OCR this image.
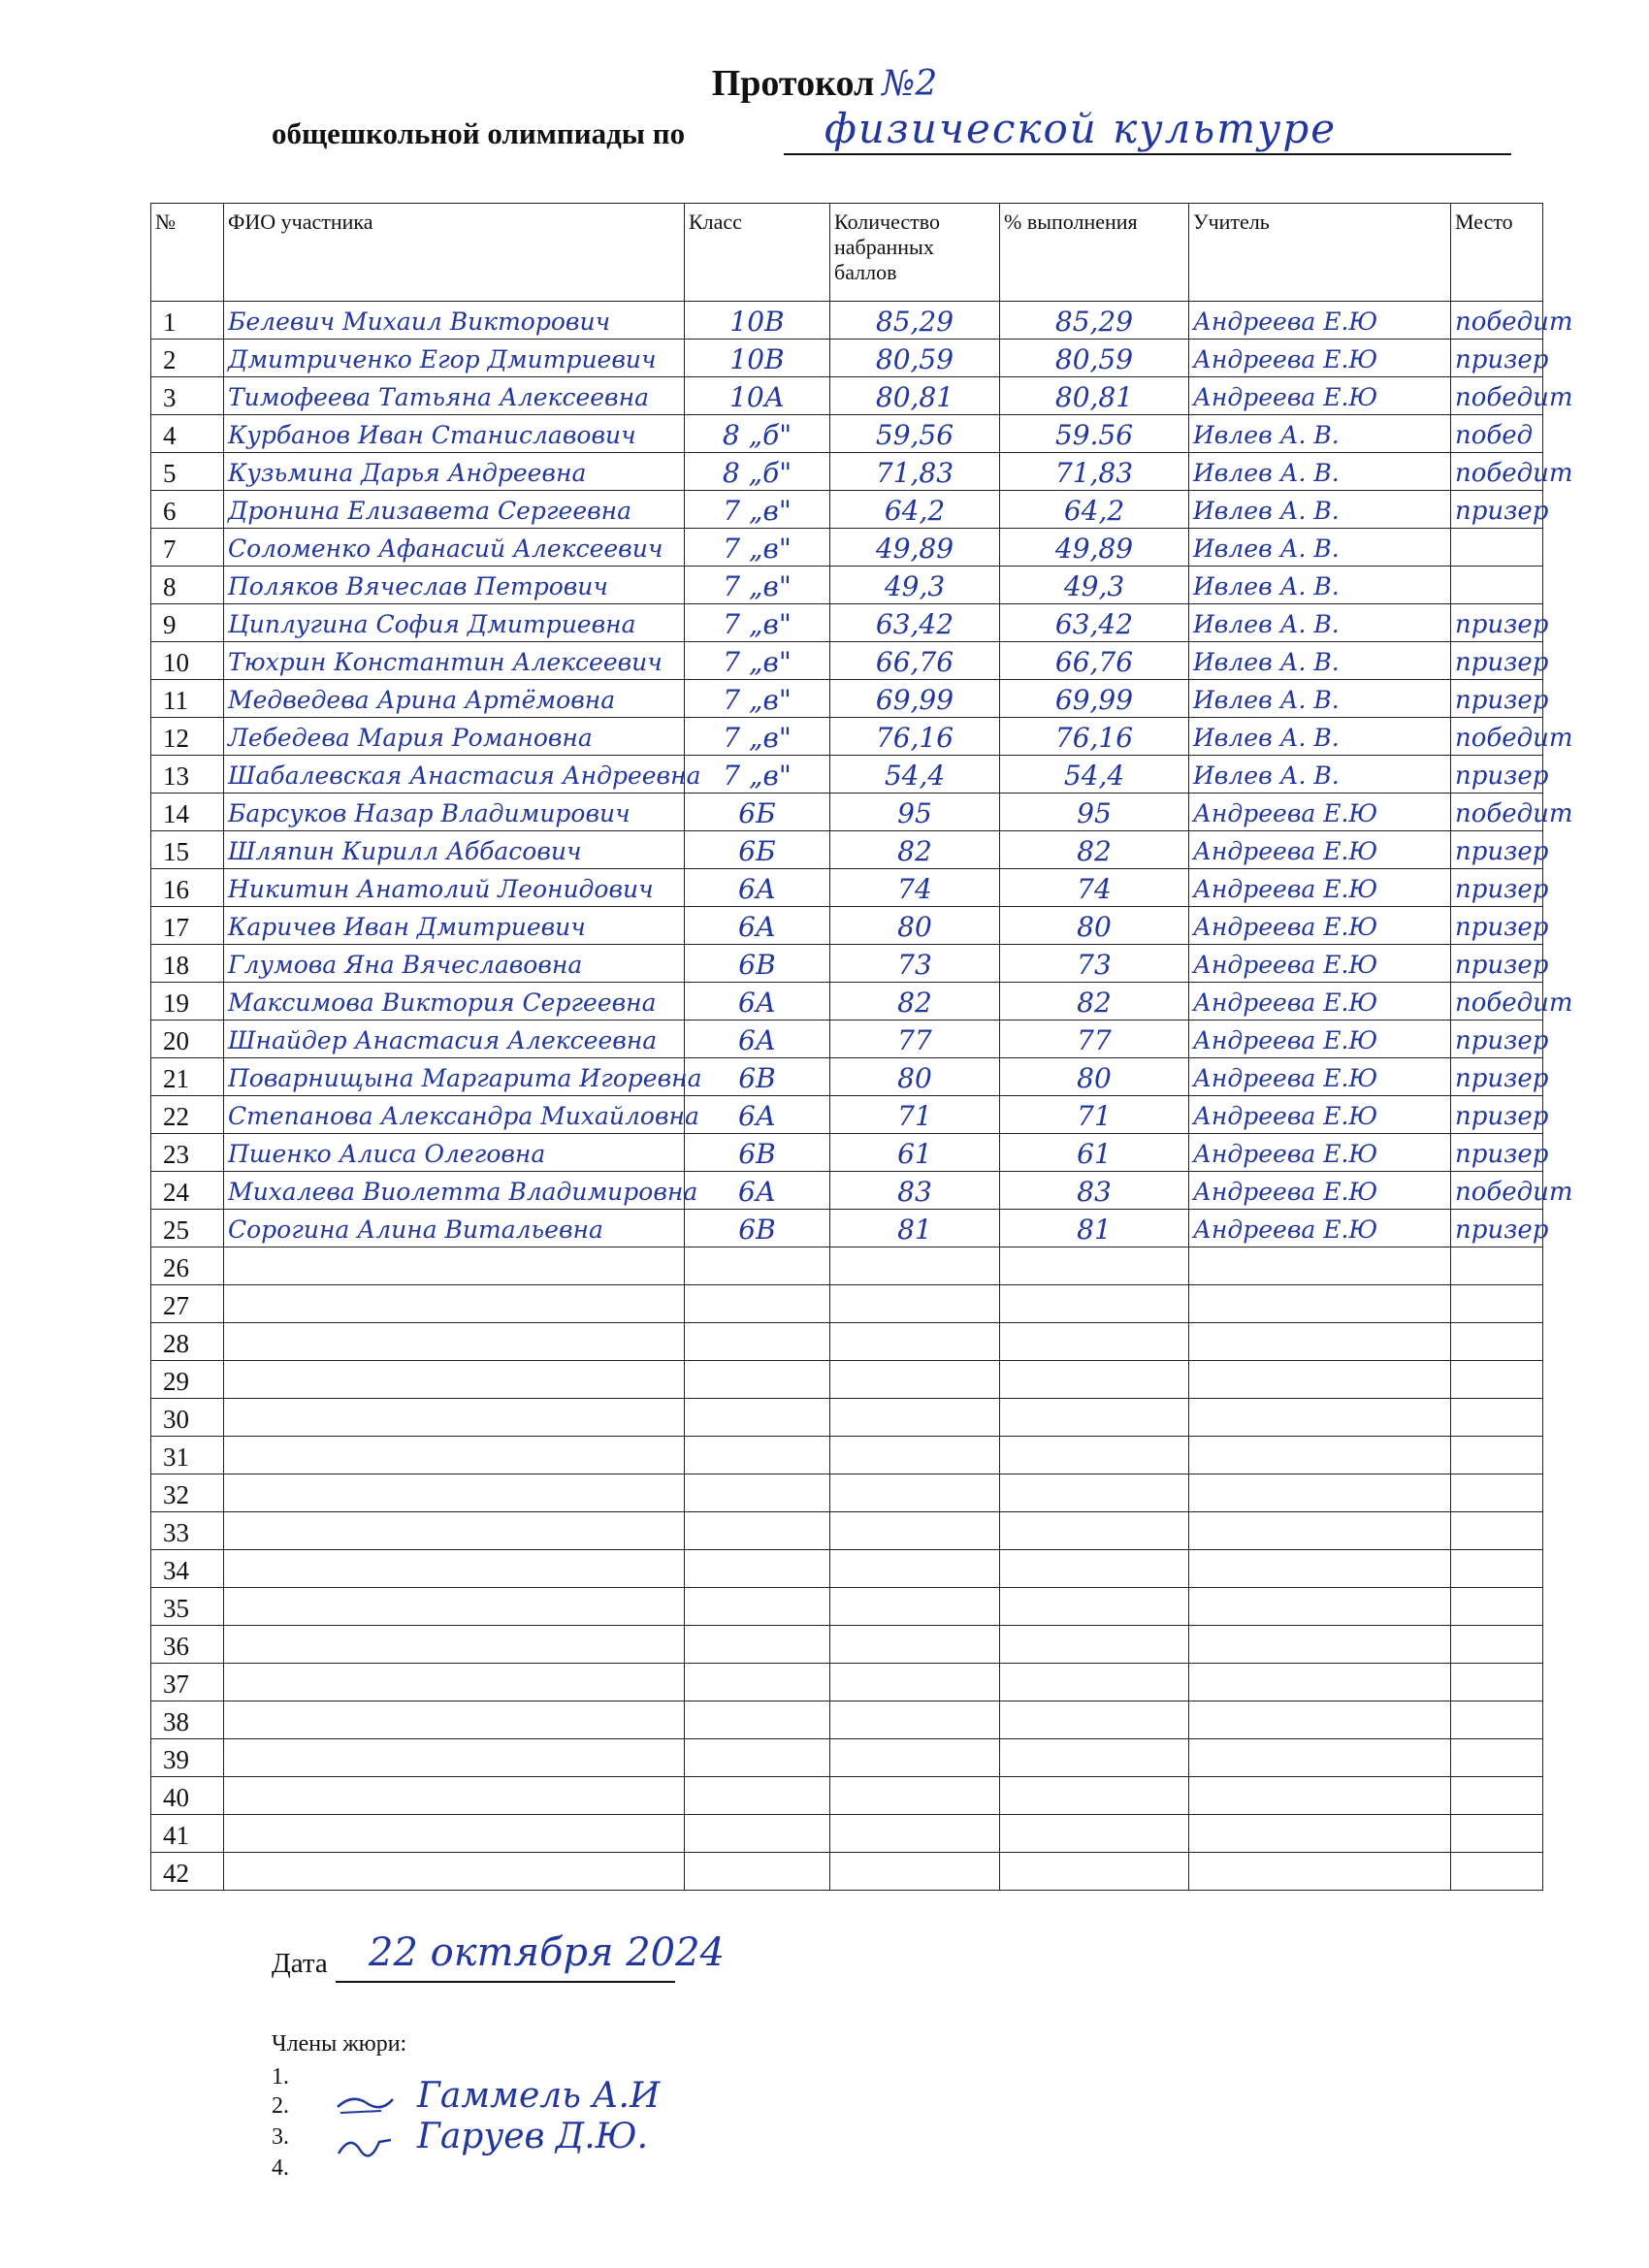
Протокол №2
общешкольной олимпиады по	физической культуре
№	ФИО участника	Класс	Количество набранных баллов	% выполнения	Учитель	Место
1	Белевич Михаил Викторович	10В	85,29	85,29	Андреева Е.Ю	победит
2	Дмитриченко Егор Дмитриевич	10В	80,59	80,59	Андреева Е.Ю	призер
3	Тимофеева Татьяна Алексеевна	10А	80,81	80,81	Андреева Е.Ю	победит
4	Курбанов Иван Станиславович	8 „б"	59,56	59.56	Ивлев А. В.	побед
5	Кузьмина Дарья Андреевна	8 „б"	71,83	71,83	Ивлев А. В.	победит
6	Дронина Елизавета Сергеевна	7 „в"	64,2	64,2	Ивлев А. В.	призер
7	Соломенко Афанасий Алексеевич	7 „в"	49,89	49,89	Ивлев А. В.	
8	Поляков Вячеслав Петрович	7 „в"	49,3	49,3	Ивлев А. В.	
9	Циплугина София Дмитриевна	7 „в"	63,42	63,42	Ивлев А. В.	призер
10	Тюхрин Константин Алексеевич	7 „в"	66,76	66,76	Ивлев А. В.	призер
11	Медведева Арина Артёмовна	7 „в"	69,99	69,99	Ивлев А. В.	призер
12	Лебедева Мария Романовна	7 „в"	76,16	76,16	Ивлев А. В.	победит
13	Шабалевская Анастасия Андреевна	7 „в"	54,4	54,4	Ивлев А. В.	призер
14	Барсуков Назар Владимирович	6Б	95	95	Андреева Е.Ю	победит
15	Шляпин Кирилл Аббасович	6Б	82	82	Андреева Е.Ю	призер
16	Никитин Анатолий Леонидович	6А	74	74	Андреева Е.Ю	призер
17	Каричев Иван Дмитриевич	6А	80	80	Андреева Е.Ю	призер
18	Глумова Яна Вячеславовна	6В	73	73	Андреева Е.Ю	призер
19	Максимова Виктория Сергеевна	6А	82	82	Андреева Е.Ю	победит
20	Шнайдер Анастасия Алексеевна	6А	77	77	Андреева Е.Ю	призер
21	Поварнищына Маргарита Игоревна	6В	80	80	Андреева Е.Ю	призер
22	Степанова Александра Михайловна	6А	71	71	Андреева Е.Ю	призер
23	Пшенко Алиса Олеговна	6В	61	61	Андреева Е.Ю	призер
24	Михалева Виолетта Владимировна	6А	83	83	Андреева Е.Ю	победит
25	Сорогина Алина Витальевна	6В	81	81	Андреева Е.Ю	призер
26						
27						
28						
29						
30						
31						
32						
33						
34						
35						
36						
37						
38						
39						
40						
41						
42						
Дата 22 октября 2024
Члены жюри:
1.
2.	Гаммель А.И
3.
4.
Гаруев Д.Ю.
